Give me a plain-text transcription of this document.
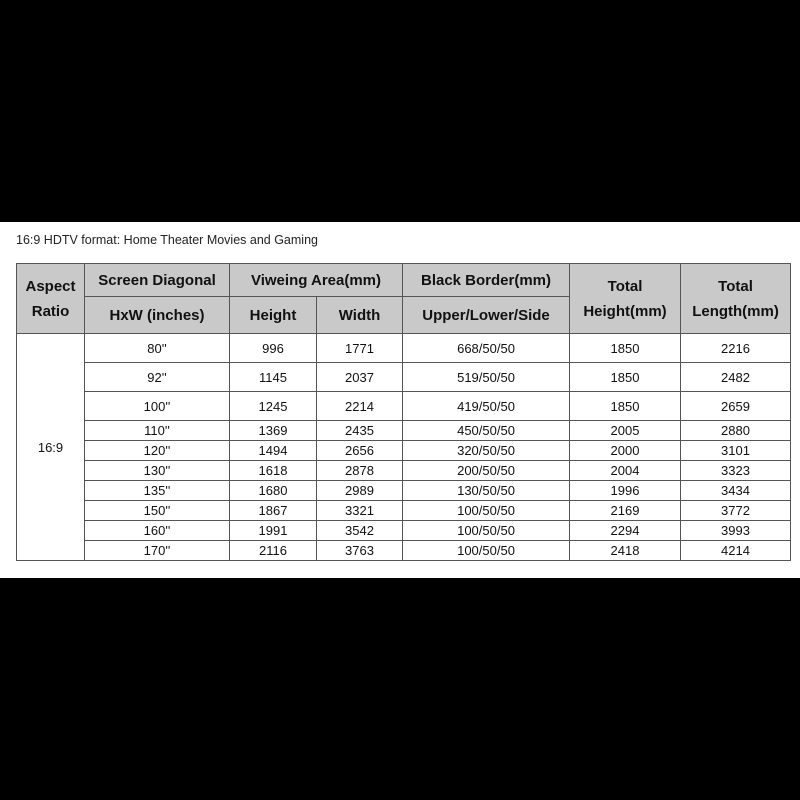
16:9 HDTV format: Home Theater Movies and Gaming
Aspect Ratio	Screen Diagonal	Viweing Area(mm)		Black Border(mm)	Total Height(mm)	Total Length(mm)
	HxW (inches)	Height	Width	Upper/Lower/Side		
16:9	80''	996	1771	668/50/50	1850	2216
	92''	1145	2037	519/50/50	1850	2482
	100''	1245	2214	419/50/50	1850	2659
	110''	1369	2435	450/50/50	2005	2880
	120''	1494	2656	320/50/50	2000	3101
	130''	1618	2878	200/50/50	2004	3323
	135''	1680	2989	130/50/50	1996	3434
	150''	1867	3321	100/50/50	2169	3772
	160''	1991	3542	100/50/50	2294	3993
	170''	2116	3763	100/50/50	2418	4214
